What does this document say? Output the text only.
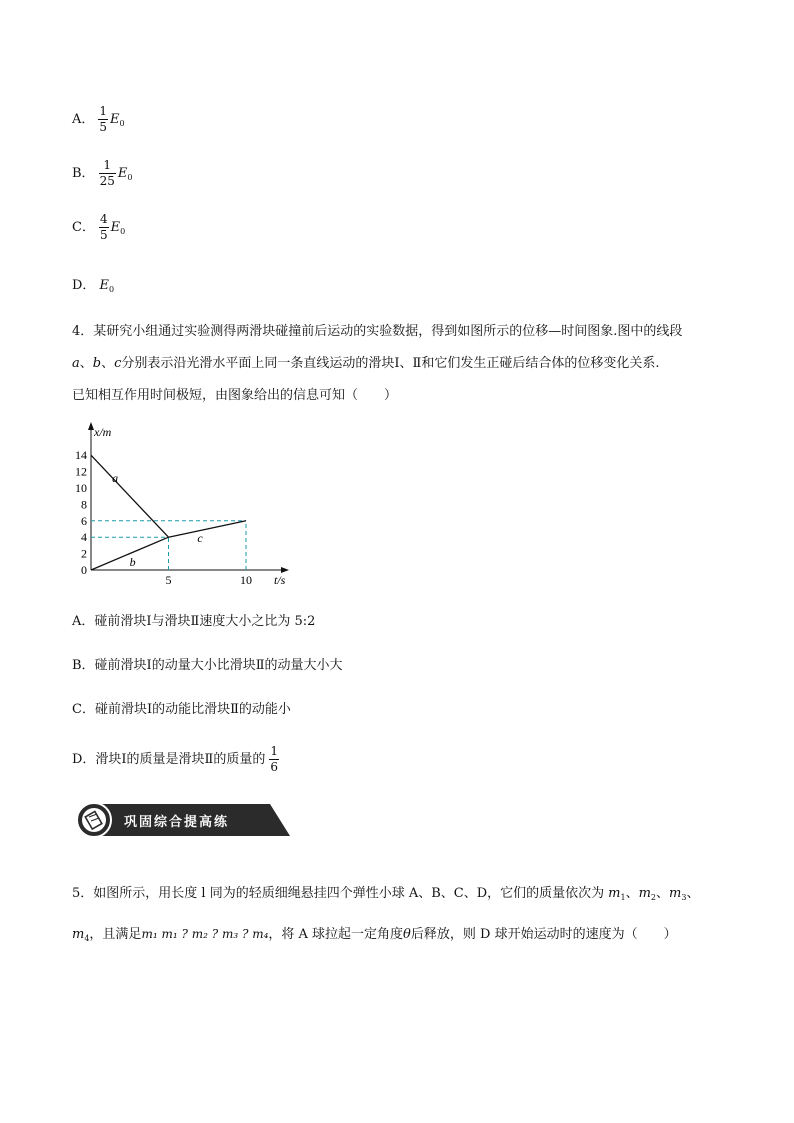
A． $\frac{1}{5} E_0$
B． $\frac{1}{25} E_0$
C． $\frac{4}{5} E_0$
D． $E_0$
4．某研究小组通过实验测得两滑块碰撞前后运动的实验数据，得到如图所示的位移—时间图象.图中的线段
a、b、c分别表示沿光滑水平面上同一条直线运动的滑块Ⅰ、Ⅱ和它们发生正碰后结合体的位移变化关系.
已知相互作用时间极短，由图象给出的信息可知（　　）
x/m
t/s
0
2
4
6
8
10
12
14
5	10
a
b
c
A．碰前滑块Ⅰ与滑块Ⅱ速度大小之比为 5:2
B．碰前滑块Ⅰ的动量大小比滑块Ⅱ的动量大小大
C．碰前滑块Ⅰ的动能比滑块Ⅱ的动能小
D．滑块Ⅰ的质量是滑块Ⅱ的质量的 $\frac{1}{6}$
巩固综合提高练
5．如图所示，用长度 l 同为的轻质细绳悬挂四个弹性小球 A、B、C、D，它们的质量依次为 $m_1$、$m_2$、$m_3$、
$m_4$，且满足m₁ m₁ ? m₂ ? m₃ ? m₄，将 A 球拉起一定角度θ后释放，则 D 球开始运动时的速度为（　　）
